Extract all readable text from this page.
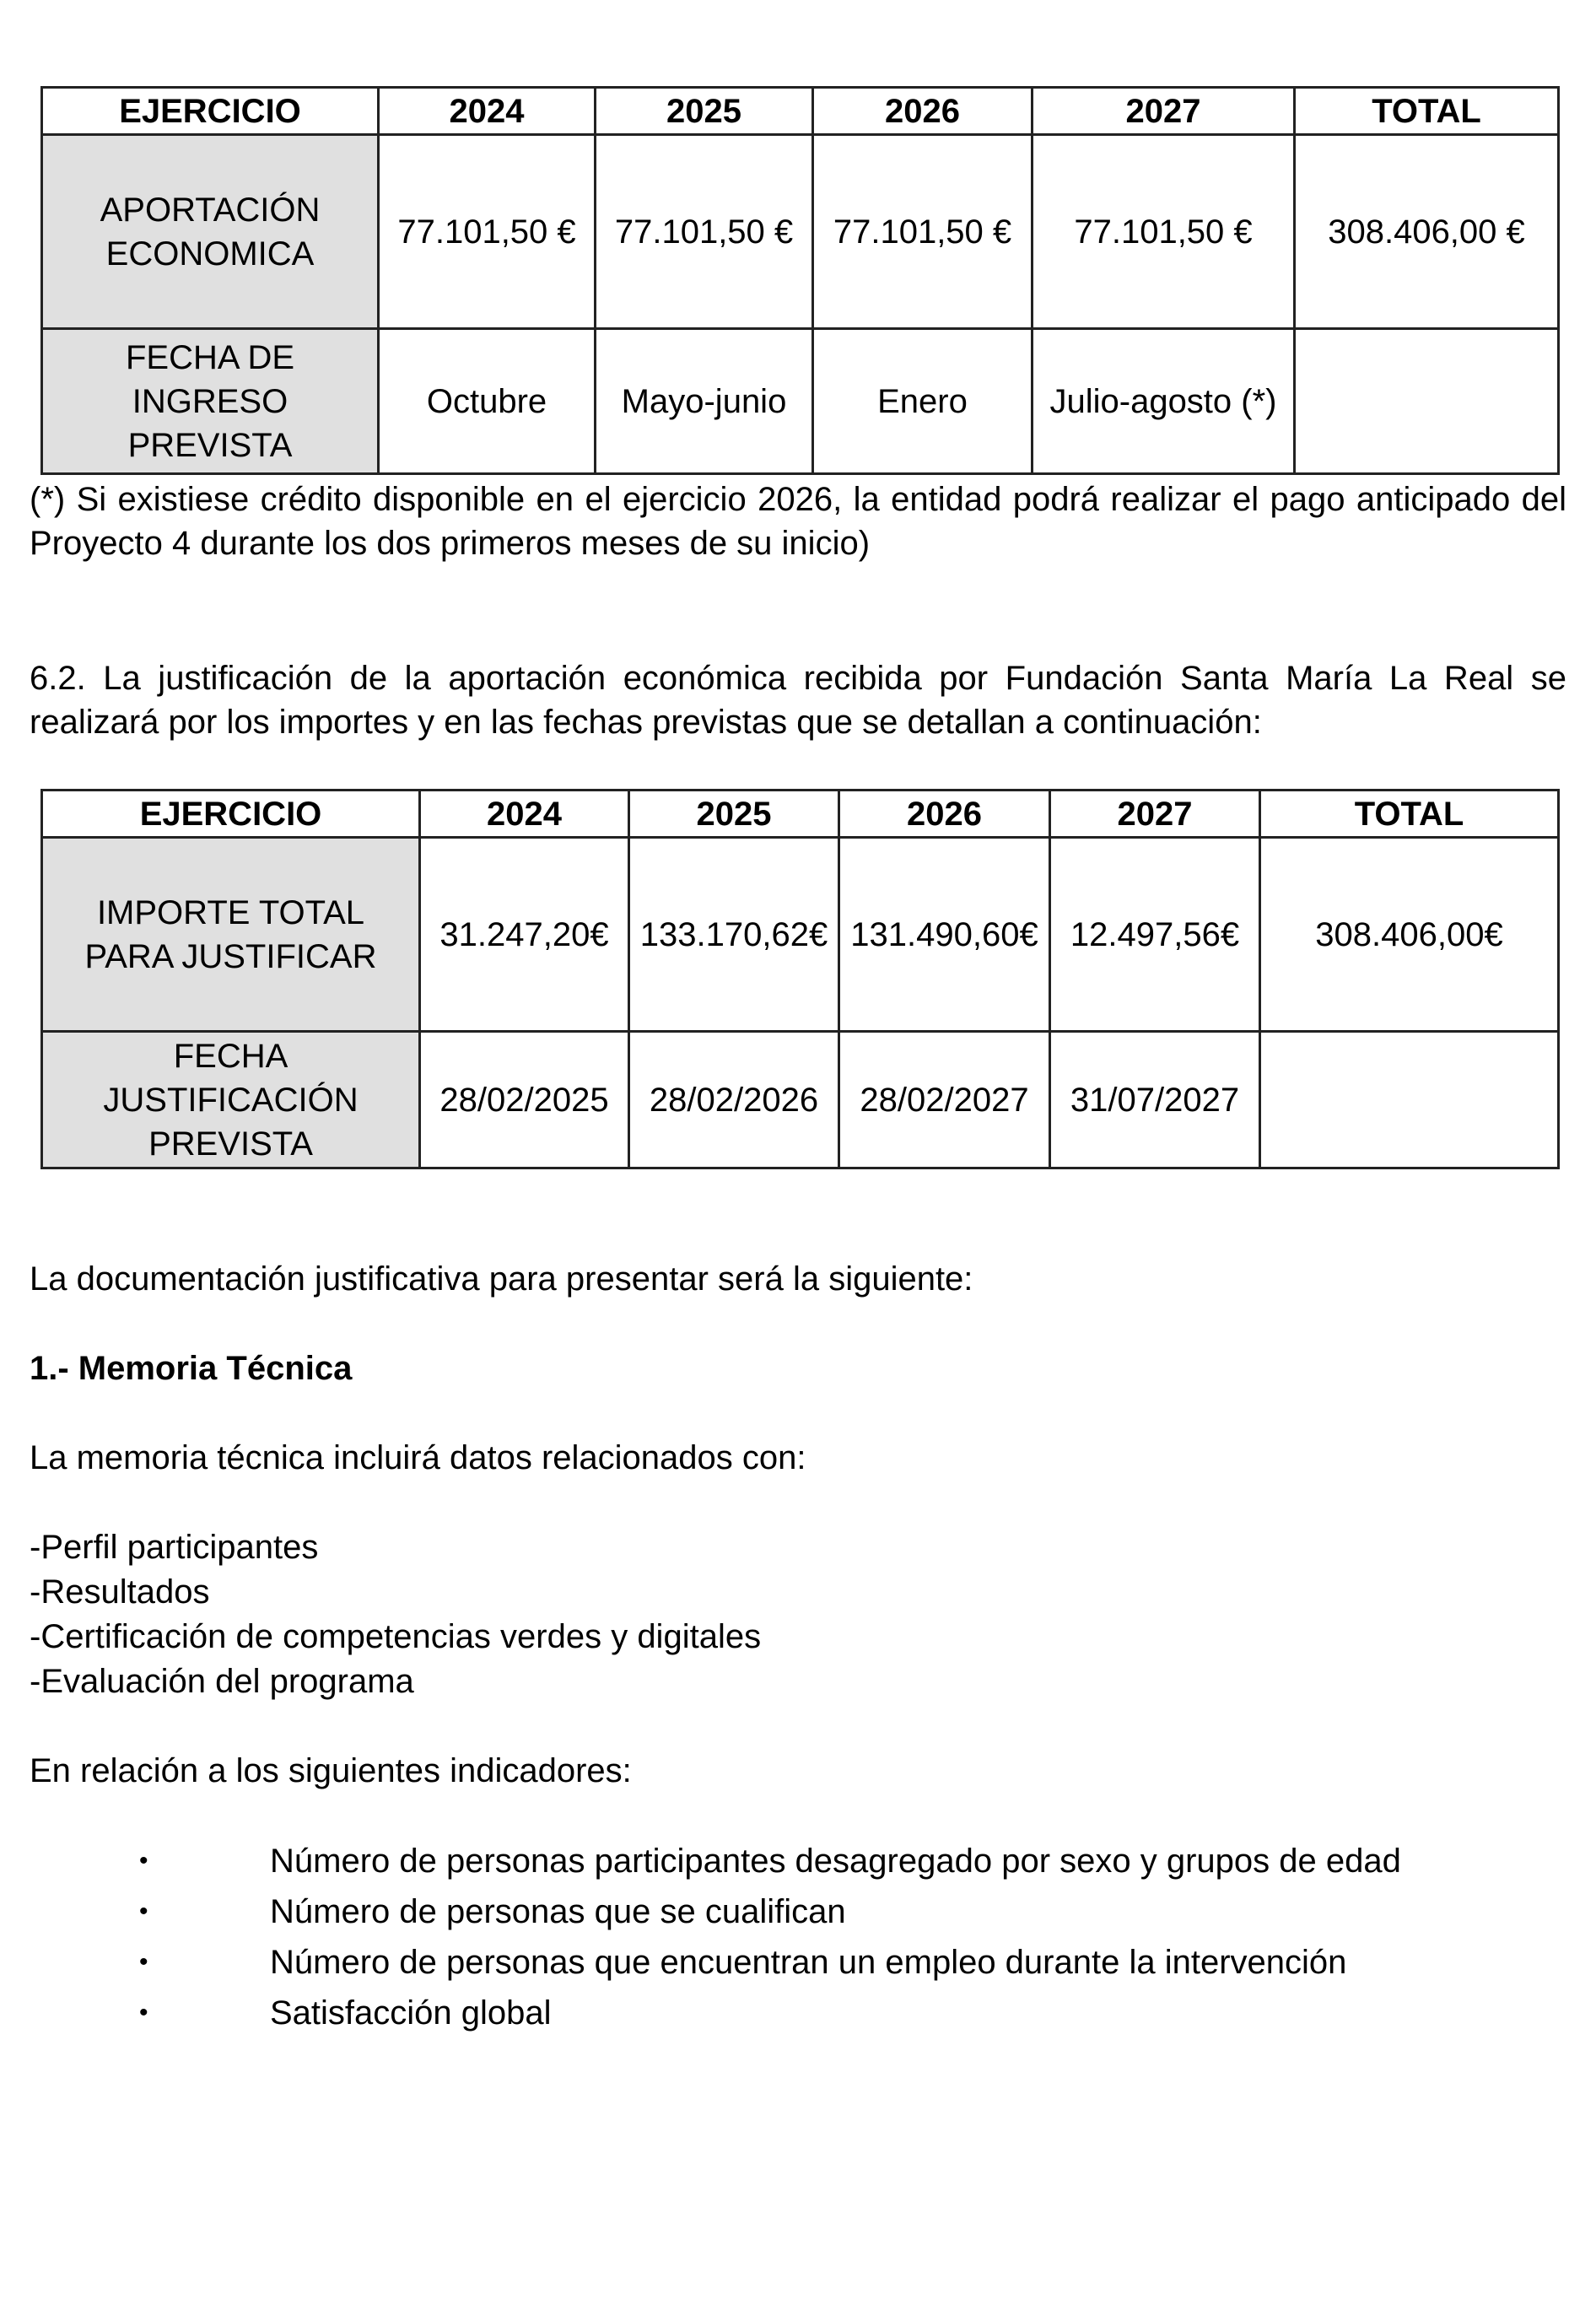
EJERCICIO	2024	2025	2026	2027	TOTAL
APORTACIÓN ECONOMICA	77.101,50 €	77.101,50 €	77.101,50 €	77.101,50 €	308.406,00 €
FECHA DE INGRESO PREVISTA	Octubre	Mayo-junio	Enero	Julio-agosto (*)	
(*) Si existiese crédito disponible en el ejercicio 2026, la entidad podrá realizar el pago anticipado del Proyecto 4 durante los dos primeros meses de su inicio)
6.2. La justificación de la aportación económica recibida por Fundación Santa María La Real se realizará por los importes y en las fechas previstas que se detallan a continuación:
EJERCICIO	2024	2025	2026	2027	TOTAL
IMPORTE TOTAL PARA JUSTIFICAR	31.247,20€	133.170,62€	131.490,60€	12.497,56€	308.406,00€
FECHA JUSTIFICACIÓN PREVISTA	28/02/2025	28/02/2026	28/02/2027	31/07/2027	
La documentación justificativa para presentar será la siguiente:
1.- Memoria Técnica
La memoria técnica incluirá datos relacionados con:
-Perfil participantes
-Resultados
-Certificación de competencias verdes y digitales
-Evaluación del programa
En relación a los siguientes indicadores:
•	Número de personas participantes desagregado por sexo y grupos de edad
•	Número de personas que se cualifican
•	Número de personas que encuentran un empleo durante la intervención
•	Satisfacción global
